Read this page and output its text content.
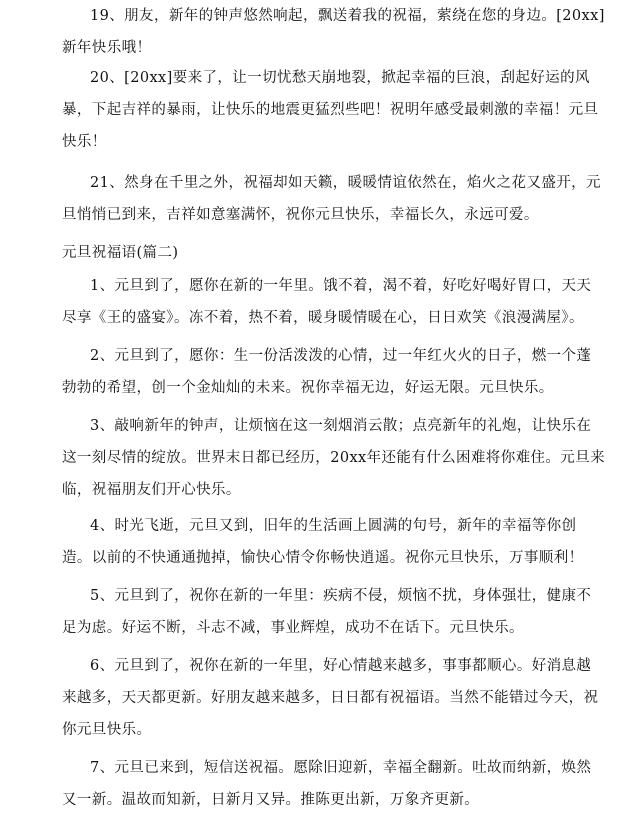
19、朋友，新年的钟声悠然响起，飘送着我的祝福，萦绕在您的身边。[20xx]
新年快乐哦！

20、[20xx]要来了，让一切忧愁天崩地裂，掀起幸福的巨浪，刮起好运的风
暴，下起吉祥的暴雨，让快乐的地震更猛烈些吧！祝明年感受最刺激的幸福！元旦
快乐！

21、然身在千里之外，祝福却如天籁，暖暖情谊依然在，焰火之花又盛开，元
旦悄悄已到来，吉祥如意塞满怀，祝你元旦快乐，幸福长久，永远可爱。

元旦祝福语(篇二)

1、元旦到了，愿你在新的一年里。饿不着，渴不着，好吃好喝好胃口，天天
尽享《王的盛宴》。冻不着，热不着，暖身暖情暖在心，日日欢笑《浪漫满屋》。

2、元旦到了，愿你：生一份活泼泼的心情，过一年红火火的日子，燃一个蓬
勃勃的希望，创一个金灿灿的未来。祝你幸福无边，好运无限。元旦快乐。

3、敲响新年的钟声，让烦恼在这一刻烟消云散；点亮新年的礼炮，让快乐在
这一刻尽情的绽放。世界末日都已经历，20xx年还能有什么困难将你难住。元旦来
临，祝福朋友们开心快乐。

4、时光飞逝，元旦又到，旧年的生活画上圆满的句号，新年的幸福等你创
造。以前的不快通通抛掉，愉快心情令你畅快逍遥。祝你元旦快乐，万事顺利！

5、元旦到了，祝你在新的一年里：疾病不侵，烦恼不扰，身体强壮，健康不
足为虑。好运不断，斗志不减，事业辉煌，成功不在话下。元旦快乐。

6、元旦到了，祝你在新的一年里，好心情越来越多，事事都顺心。好消息越
来越多，天天都更新。好朋友越来越多，日日都有祝福语。当然不能错过今天，祝
你元旦快乐。

7、元旦已来到，短信送祝福。愿除旧迎新，幸福全翻新。吐故而纳新，焕然
又一新。温故而知新，日新月又异。推陈更出新，万象齐更新。
